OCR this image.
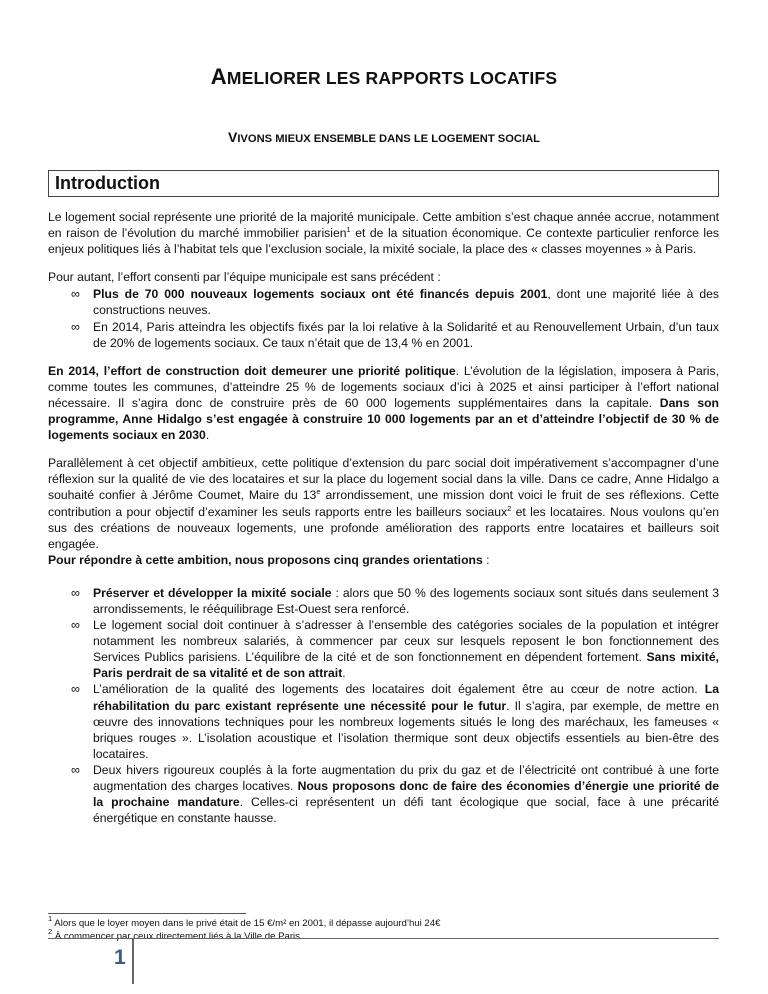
AMELIORER LES RAPPORTS LOCATIFS
VIVONS MIEUX ENSEMBLE DANS LE LOGEMENT SOCIAL
Introduction

Le logement social représente une priorité de la majorité municipale. Cette ambition s’est chaque année accrue, notamment en raison de l’évolution du marché immobilier parisien$^1$ et de la situation économique. Ce contexte particulier renforce les enjeux politiques liés à l’habitat tels que l’exclusion sociale, la mixité sociale, la place des « classes moyennes » à Paris.

Pour autant, l’effort consenti par l’équipe municipale est sans précédent :

∞ Plus de 70 000 nouveaux logements sociaux ont été financés depuis 2001, dont une majorité liée à des constructions neuves.
∞ En 2014, Paris atteindra les objectifs fixés par la loi relative à la Solidarité et au Renouvellement Urbain, d’un taux de 20% de logements sociaux. Ce taux n’était que de 13,4 % en 2001.

En 2014, l’effort de construction doit demeurer une priorité politique. L’évolution de la législation, imposera à Paris, comme toutes les communes, d’atteindre 25 % de logements sociaux d’ici à 2025 et ainsi participer à l’effort national nécessaire. Il s’agira donc de construire près de 60 000 logements supplémentaires dans la capitale. Dans son programme, Anne Hidalgo s’est engagée à construire 10 000 logements par an et d’atteindre l’objectif de 30 % de logements sociaux en 2030.

Parallèlement à cet objectif ambitieux, cette politique d’extension du parc social doit impérativement s’accompagner d’une réflexion sur la qualité de vie des locataires et sur la place du logement social dans la ville. Dans ce cadre, Anne Hidalgo a souhaité confier à Jérôme Coumet, Maire du 13e arrondissement, une mission dont voici le fruit de ses réflexions. Cette contribution a pour objectif d’examiner les seuls rapports entre les bailleurs sociaux$^2$ et les locataires. Nous voulons qu’en sus des créations de nouveaux logements, une profonde amélioration des rapports entre locataires et bailleurs soit engagée.
Pour répondre à cette ambition, nous proposons cinq grandes orientations :

∞ Préserver et développer la mixité sociale : alors que 50 % des logements sociaux sont situés dans seulement 3 arrondissements, le rééquilibrage Est-Ouest sera renforcé.
∞ Le logement social doit continuer à s’adresser à l’ensemble des catégories sociales de la population et intégrer notamment les nombreux salariés, à commencer par ceux sur lesquels reposent le bon fonctionnement des Services Publics parisiens. L’équilibre de la cité et de son fonctionnement en dépendent fortement. Sans mixité, Paris perdrait de sa vitalité et de son attrait.
∞ L’amélioration de la qualité des logements des locataires doit également être au cœur de notre action. La réhabilitation du parc existant représente une nécessité pour le futur. Il s’agira, par exemple, de mettre en œuvre des innovations techniques pour les nombreux logements situés le long des maréchaux, les fameuses « briques rouges ». L’isolation acoustique et l’isolation thermique sont deux objectifs essentiels au bien-être des locataires.
∞ Deux hivers rigoureux couplés à la forte augmentation du prix du gaz et de l’électricité ont contribué à une forte augmentation des charges locatives. Nous proposons donc de faire des économies d’énergie une priorité de la prochaine mandature. Celles-ci représentent un défi tant écologique que social, face à une précarité énergétique en constante hausse.
$^1$ Alors que le loyer moyen dans le privé était de 15 €/m² en 2001, il dépasse aujourd’hui 24€
$^2$ À commencer par ceux directement liés à la Ville de Paris
1
